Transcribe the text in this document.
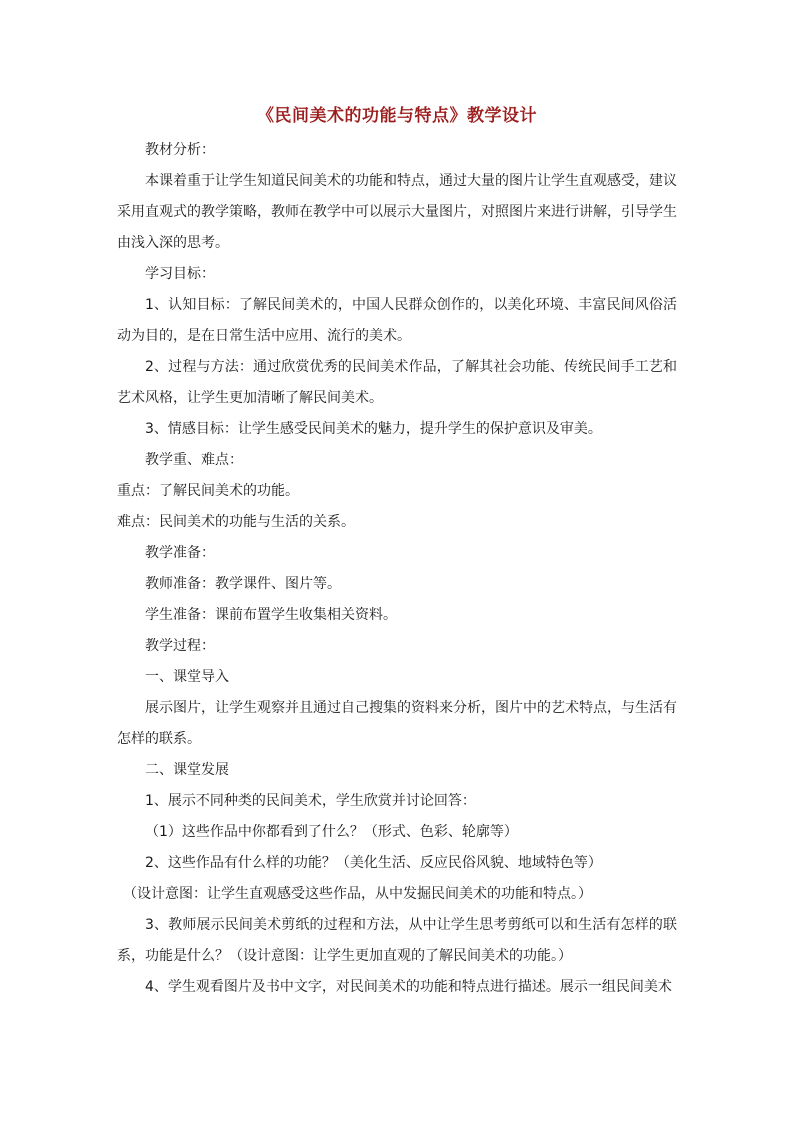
《民间美术的功能与特点》教学设计

教材分析：

本课着重于让学生知道民间美术的功能和特点，通过大量的图片让学生直观感受，建议采用直观式的教学策略，教师在教学中可以展示大量图片，对照图片来进行讲解，引导学生由浅入深的思考。

学习目标：

1、认知目标：了解民间美术的，中国人民群众创作的，以美化环境、丰富民间风俗活动为目的，是在日常生活中应用、流行的美术。

2、过程与方法：通过欣赏优秀的民间美术作品，了解其社会功能、传统民间手工艺和艺术风格，让学生更加清晰了解民间美术。

3、情感目标：让学生感受民间美术的魅力，提升学生的保护意识及审美。

教学重、难点：

重点：了解民间美术的功能。

难点：民间美术的功能与生活的关系。

教学准备：

教师准备：教学课件、图片等。

学生准备：课前布置学生收集相关资料。

教学过程：

一、课堂导入

展示图片，让学生观察并且通过自己搜集的资料来分析，图片中的艺术特点，与生活有怎样的联系。

二、课堂发展

1、展示不同种类的民间美术，学生欣赏并讨论回答：

（1）这些作品中你都看到了什么？（形式、色彩、轮廓等）

2、这些作品有什么样的功能？（美化生活、反应民俗风貌、地域特色等）

（设计意图：让学生直观感受这些作品，从中发掘民间美术的功能和特点。）

3、教师展示民间美术剪纸的过程和方法，从中让学生思考剪纸可以和生活有怎样的联系，功能是什么？（设计意图：让学生更加直观的了解民间美术的功能。）

4、学生观看图片及书中文字，对民间美术的功能和特点进行描述。展示一组民间美术
